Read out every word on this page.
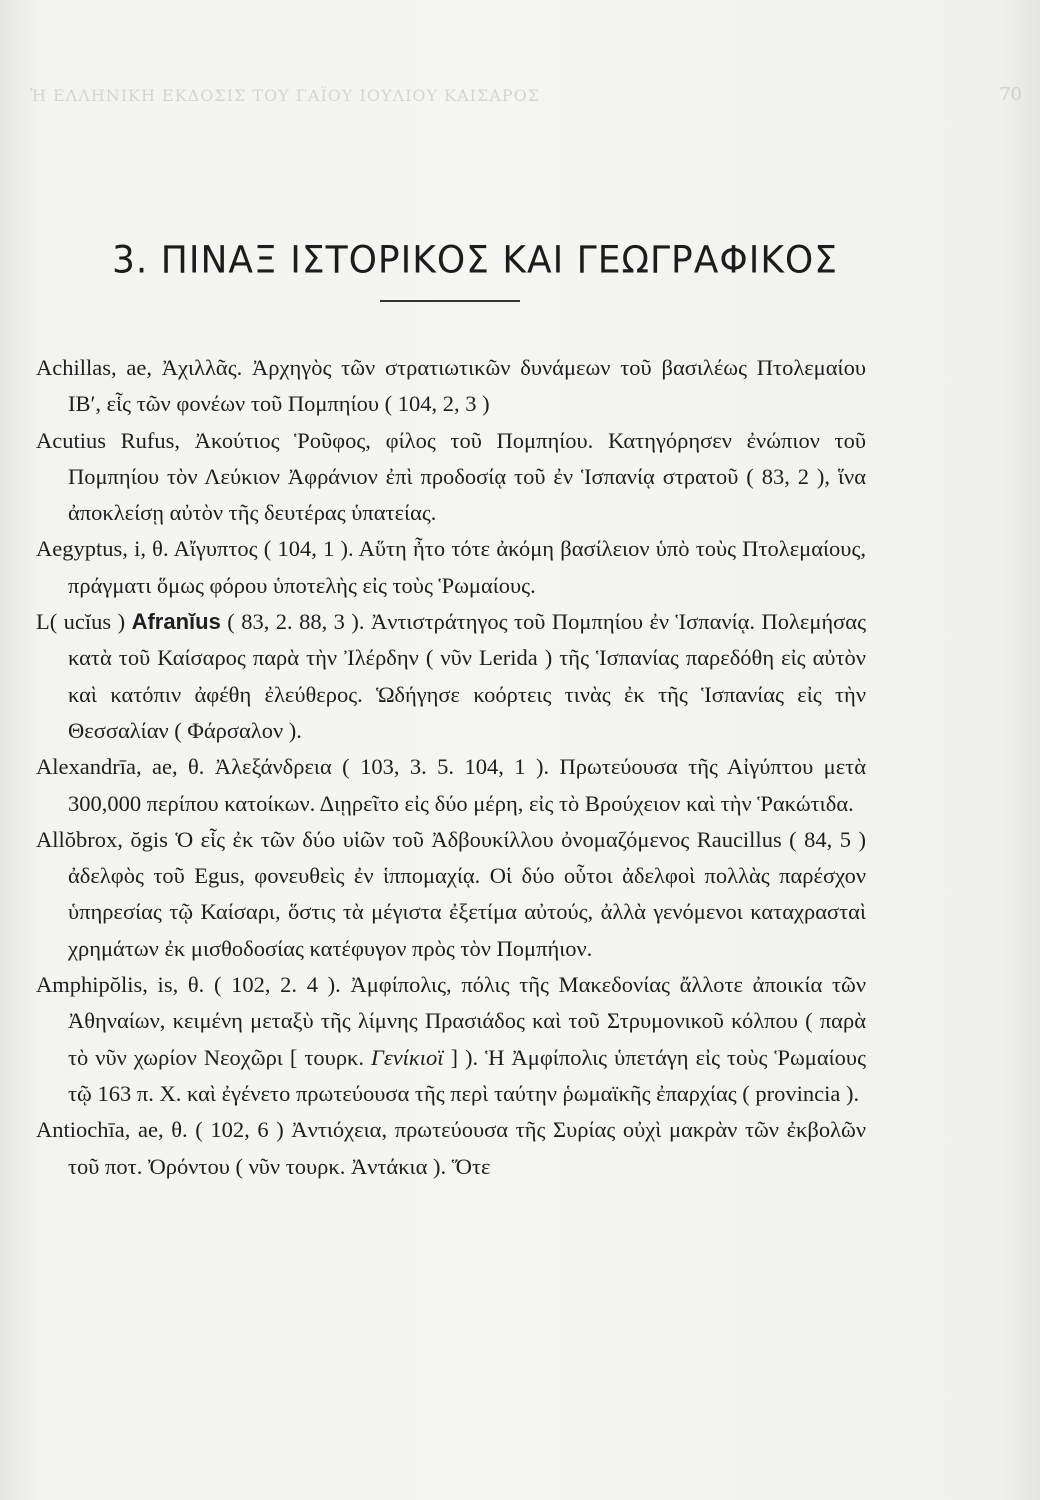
Ἡ ΕΛΛΗΝΙΚΗ ΕΚΔΟΣΙΣ ΤΟΥ ΓΑΪΟΥ ΙΟΥΛΙΟΥ ΚΑΙΣΑΡΟΣ	70
3. ΠΙΝΑΞ ΙΣΤΟΡΙΚΟΣ ΚΑΙ ΓΕΩΓΡΑΦΙΚΟΣ

Achillas, ae, Ἀχιλλᾶς. Ἀρχηγὸς τῶν στρατιωτικῶν δυνάμεων τοῦ βασιλέως Πτολεμαίου ΙΒ′, εἷς τῶν φονέων τοῦ Πομπηίου ( 104, 2, 3 )

Acutius Rufus, Ἀκούτιος Ῥοῦφος, φίλος τοῦ Πομπηίου. Κατηγόρησεν ἐνώπιον τοῦ Πομπηίου τὸν Λεύκιον Ἀφράνιον ἐπὶ προδοσίᾳ τοῦ ἐν Ἱσπανίᾳ στρατοῦ ( 83, 2 ), ἵνα ἀποκλείσῃ αὐτὸν τῆς δευτέρας ὑπατείας.

Aegyptus, i, θ. Αἴγυπτος ( 104, 1 ). Αὕτη ἦτο τότε ἀκόμη βασίλειον ὑπὸ τοὺς Πτολεμαίους, πράγματι ὅμως φόρου ὑποτελὴς εἰς τοὺς Ῥωμαίους.

L( ucĭus ) Afranĭus ( 83, 2. 88, 3 ). Ἀντιστράτηγος τοῦ Πομπηίου ἐν Ἱσπανίᾳ. Πολεμήσας κατὰ τοῦ Καίσαρος παρὰ τὴν Ἰλέρδην ( νῦν Lerida ) τῆς Ἱσπανίας παρεδόθη εἰς αὐτὸν καὶ κατόπιν ἀφέθη ἐλεύθερος. Ὡδήγησε κοόρτεις τινὰς ἐκ τῆς Ἱσπανίας εἰς τὴν Θεσσαλίαν ( Φάρσαλον ).

Alexandrīa, ae, θ. Ἀλεξάνδρεια ( 103, 3. 5. 104, 1 ). Πρωτεύουσα τῆς Αἰγύπτου μετὰ 300,000 περίπου κατοίκων. Διῃρεῖτο εἰς δύο μέρη, εἰς τὸ Βρούχειον καὶ τὴν Ῥακώτιδα.

Allŏbrox, ŏgis Ὁ εἷς ἐκ τῶν δύο υἱῶν τοῦ Ἀδβουκίλλου ὀνομαζόμενος Raucillus ( 84, 5 ) ἀδελφὸς τοῦ Egus, φονευθεὶς ἐν ἱππομαχίᾳ. Οἱ δύο οὗτοι ἀδελφοὶ πολλὰς παρέσχον ὑπηρεσίας τῷ Καίσαρι, ὅστις τὰ μέγιστα ἐξετίμα αὐτούς, ἀλλὰ γενόμενοι καταχρασταὶ χρημάτων ἐκ μισθοδοσίας κατέφυγον πρὸς τὸν Πομπήιον.

Amphipŏlis, is, θ. ( 102, 2. 4 ). Ἀμφίπολις, πόλις τῆς Μακεδονίας ἄλλοτε ἀποικία τῶν Ἀθηναίων, κειμένη μεταξὺ τῆς λίμνης Πρασιάδος καὶ τοῦ Στρυμονικοῦ κόλπου ( παρὰ τὸ νῦν χωρίον Νεοχῶρι [ τουρκ. Γενίκιοϊ ] ). Ἡ Ἀμφίπολις ὑπετάγη εἰς τοὺς Ῥωμαίους τῷ 163 π. Χ. καὶ ἐγένετο πρωτεύουσα τῆς περὶ ταύτην ῥωμαϊκῆς ἐπαρχίας ( provincia ).

Antiochīa, ae, θ. ( 102, 6 ) Ἀντιόχεια, πρωτεύουσα τῆς Συρίας οὐχὶ μακρὰν τῶν ἐκβολῶν τοῦ ποτ. Ὀρόντου ( νῦν τουρκ. Ἀντάκια ). Ὅτε
